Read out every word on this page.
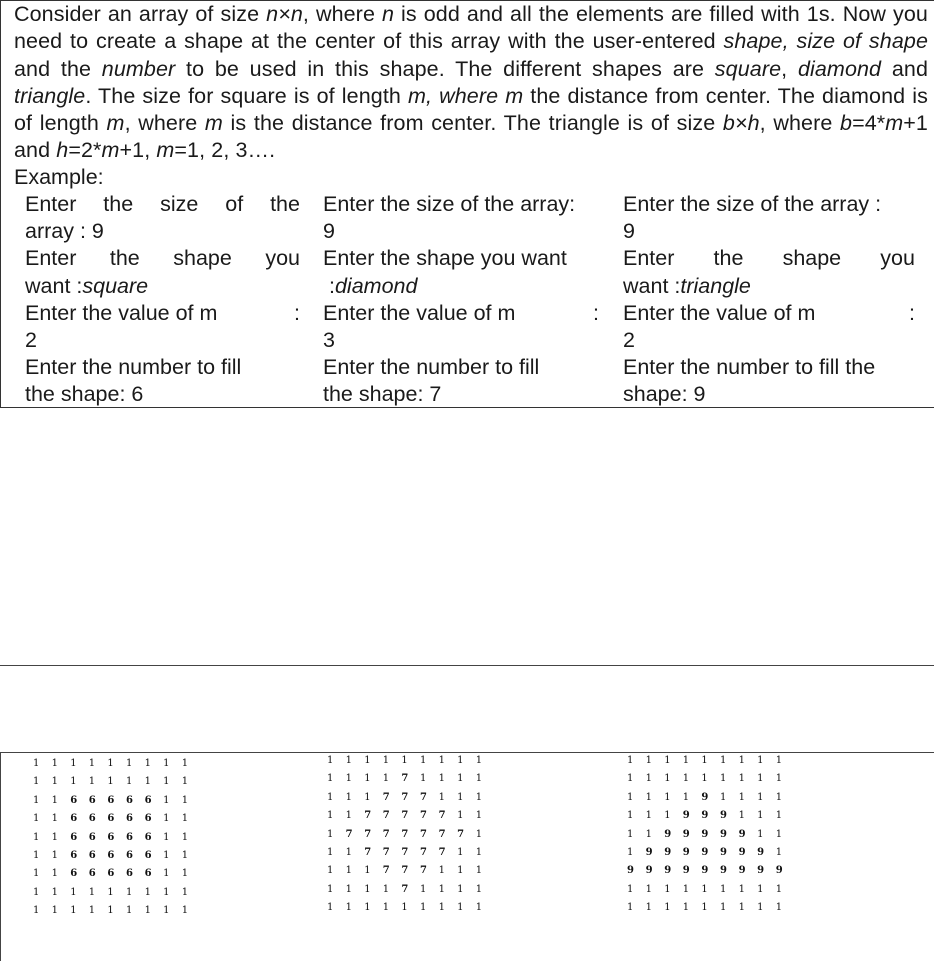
Consider an array of size n×n, where n is odd and all the elements are filled with 1s. Now you need to create a shape at the center of this array with the user-entered shape, size of shape and the number to be used in this shape. The different shapes are square, diamond and triangle. The size for square is of length m, where m the distance from center. The diamond is of length m, where m is the distance from center. The triangle is of size b×h, where b=4*m+1 and h=2*m+1, m=1, 2, 3….
Example:
Enter the size of the
array : 9
Enter the shape you
want :square
Enter the value of m	:
2
Enter the number to fill
the shape: 6
Enter the size of the array:
9
Enter the shape you want
:diamond
Enter the value of m	:
3
Enter the number to fill
the shape: 7
Enter the size of the array :
9
Enter the shape you
want :triangle
Enter the value of m	:
2
Enter the number to fill the
shape: 9
1 1 1 1 1 1 1 1 1
1 1 1 1 1 1 1 1 1
1 1 6 6 6 6 6 1 1
1 1 6 6 6 6 6 1 1
1 1 6 6 6 6 6 1 1
1 1 6 6 6 6 6 1 1
1 1 6 6 6 6 6 1 1
1 1 1 1 1 1 1 1 1
1 1 1 1 1 1 1 1 1
1 1 1 1 1 1 1 1 1
1 1 1 1 7 1 1 1 1
1 1 1 7 7 7 1 1 1
1 1 7 7 7 7 7 1 1
1 7 7 7 7 7 7 7 1
1 1 7 7 7 7 7 1 1
1 1 1 7 7 7 1 1 1
1 1 1 1 7 1 1 1 1
1 1 1 1 1 1 1 1 1
1 1 1 1 1 1 1 1 1
1 1 1 1 1 1 1 1 1
1 1 1 1 9 1 1 1 1
1 1 1 9 9 9 1 1 1
1 1 9 9 9 9 9 1 1
1 9 9 9 9 9 9 9 1
9 9 9 9 9 9 9 9 9
1 1 1 1 1 1 1 1 1
1 1 1 1 1 1 1 1 1
